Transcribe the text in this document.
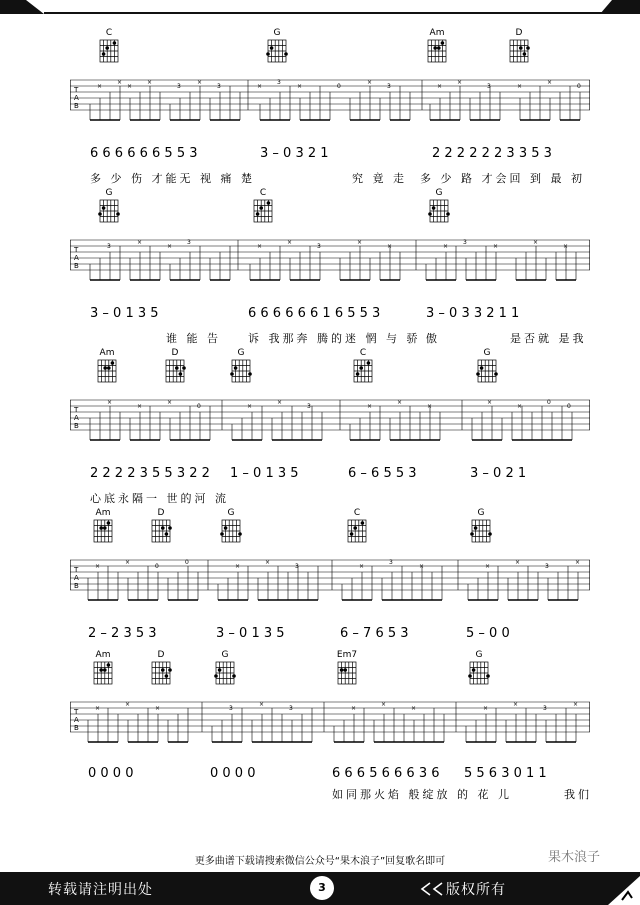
C	G	Am	D
T
A
B
×
×
×
×
3
×
3	×
3
×	0
×
3	×
×
3	×
×
0
6 6 6 6 6 6 5 5 3	3 – 0 3 2 1	2 2 2 2 2 2 3 3 5 3
多 少 伤 才能无 视 痛 楚	究 竟 走 多 少 路 才会回 到 最 初
G	C	G
T
A
B
3
×
×
3
×
×
3
×
×	×
3
×
×
×
3 – 0 1 3 5	6 6 6 6 6 6 1 6 5 5 3	3 – 0 3 3 2 1 1
谁 能 告 诉 我那奔 腾的迷 惘 与 骄 傲	是否就 是我
Am	D	G	C	G
T
A
B
×
×
×
0	×
×
3	×
×
×
×
×
0
0
2 2 2 2 3 5 5 3 2 2 1 – 0 1 3 5	6 – 6 5 5 3	3 – 0 2 1
心底永隔一 世的河 流
Am	D	G	C	G
T
A
B
×
×
0
0
×
×
3	×
3
×	×
×
3
×
2 – 2 3 5 3	3 – 0 1 3 5	6 – 7 6 5 3	5 – 0 0
Am	D	G	Em7	G
T
A
B
×
×
×	3
×
3	×
×
×	×
×
3
×
0 0 0 0	0 0 0 0	6 6 6 5 6 6 6 3 6 5 5 6 3 0 1 1
如同那火焰 般绽放 的 花 儿	我们
更多曲谱下载请搜索微信公众号“果木浪子”回复歌名即可	果木浪子
转载请注明出处	3	版权所有
